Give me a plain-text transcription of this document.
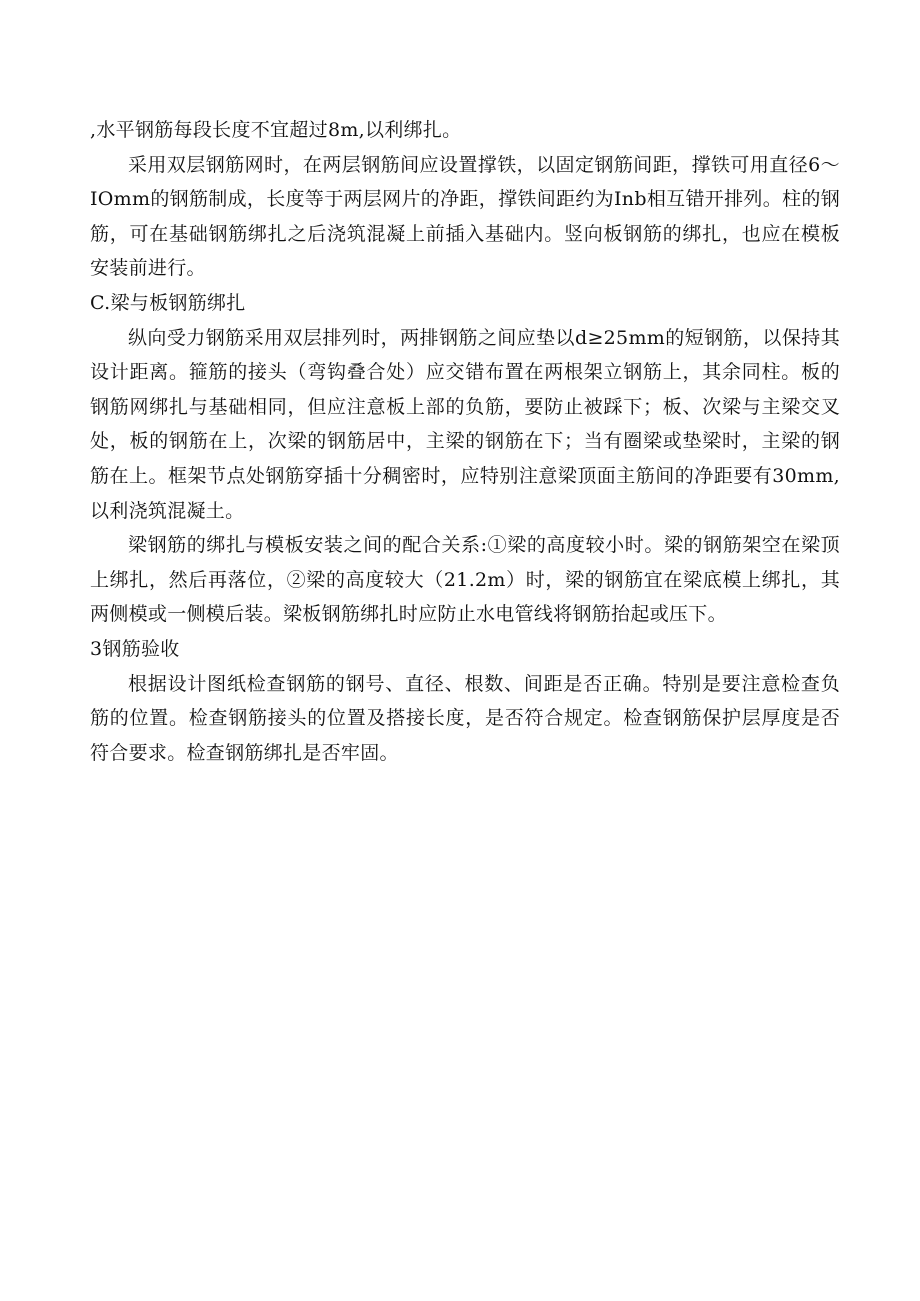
,水平钢筋每段长度不宜超过8m,以利绑扎。

采用双层钢筋网时，在两层钢筋间应设置撑铁，以固定钢筋间距，撑铁可用直径6～IOmm的钢筋制成，长度等于两层网片的净距，撑铁间距约为Inb相互错开排列。柱的钢筋，可在基础钢筋绑扎之后浇筑混凝上前插入基础内。竖向板钢筋的绑扎，也应在模板安装前进行。

C.梁与板钢筋绑扎

纵向受力钢筋采用双层排列时，两排钢筋之间应垫以d≥25mm的短钢筋，以保持其设计距离。箍筋的接头（弯钩叠合处）应交错布置在两根架立钢筋上，其余同柱。板的钢筋网绑扎与基础相同，但应注意板上部的负筋，要防止被踩下；板、次梁与主梁交叉处，板的钢筋在上，次梁的钢筋居中，主梁的钢筋在下；当有圈梁或垫梁时，主梁的钢筋在上。框架节点处钢筋穿插十分稠密时，应特别注意梁顶面主筋间的净距要有30mm,以利浇筑混凝土。

梁钢筋的绑扎与模板安装之间的配合关系:①梁的高度较小时。梁的钢筋架空在梁顶上绑扎，然后再落位，②梁的高度较大（21.2m）时，梁的钢筋宜在梁底模上绑扎，其两侧模或一侧模后装。梁板钢筋绑扎时应防止水电管线将钢筋抬起或压下。

3钢筋验收

根据设计图纸检查钢筋的钢号、直径、根数、间距是否正确。特别是要注意检查负筋的位置。检查钢筋接头的位置及搭接长度，是否符合规定。检查钢筋保护层厚度是否符合要求。检查钢筋绑扎是否牢固。
